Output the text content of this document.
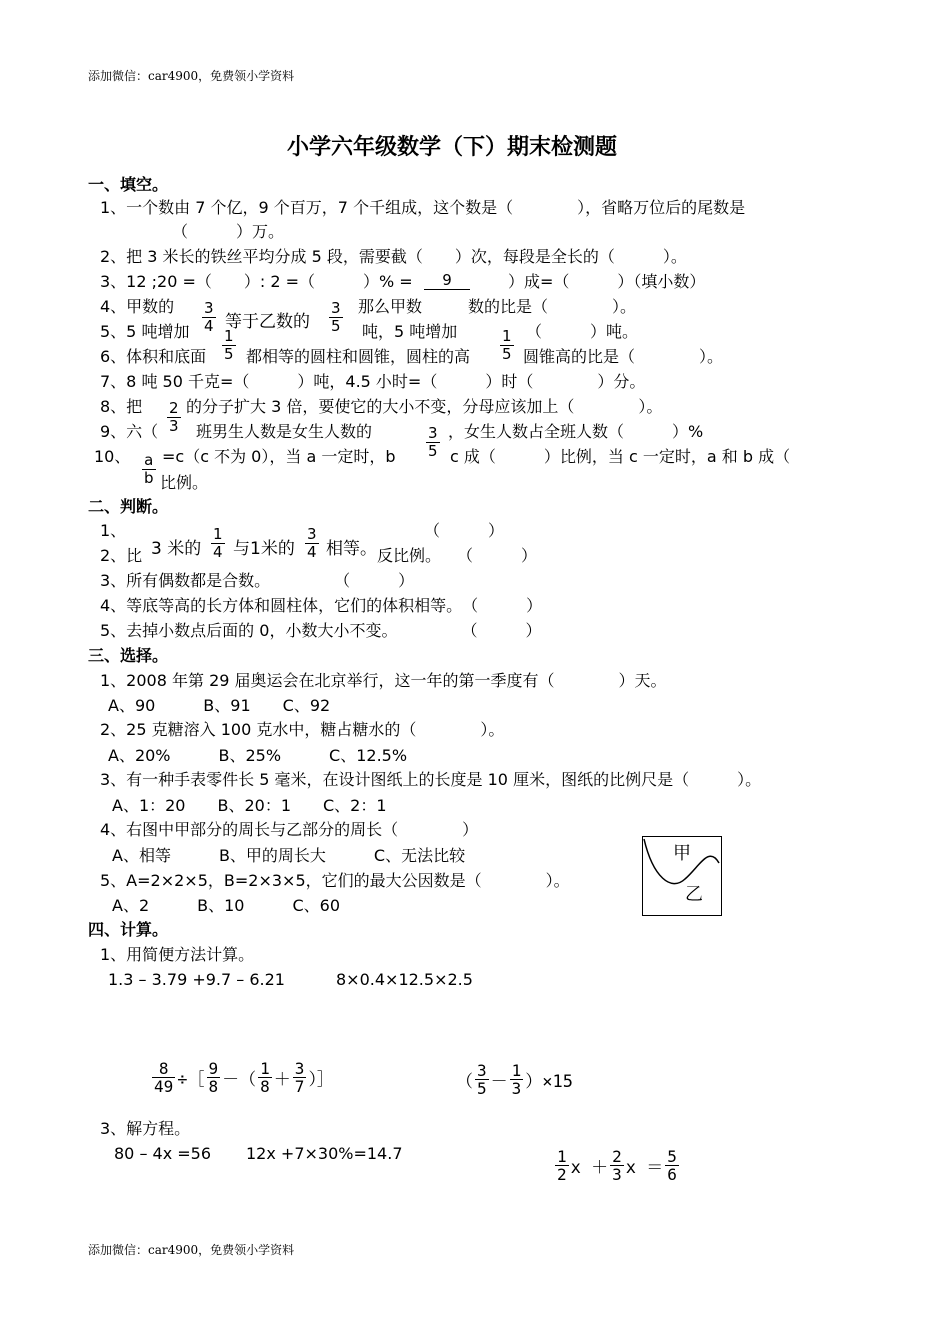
添加微信：car4900，免费领小学资料
小学六年级数学（下）期末检测题
一、填空。
1、一个数由 7 个亿，9 个百万，7 个千组成，这个数是（　　　　），省略万位后的尾数是
（　　　）万。
2、把 3 米长的铁丝平均分成 5 段，需要截（　　）次，每段是全长的（　　　）。
3、12 ;20 =（　　）: 2 =（　　　）% = 9	）成=（　　　）（填小数）
4、甲数的 3
4 等于乙数的
3
5
那么甲数	数的比是（　　　　）。
5、5 吨增加 1
5
吨，5 吨增加	1
5
（　　　）吨。
6、体积和底面 都相等的圆柱和圆锥，圆柱的高	圆锥高的比是（　　　　）。
7、8 吨 50 千克=（　　　）吨，4.5 小时=（　　　）时（　　　　）分。
8、把 2
3
的分子扩大 3 倍，要使它的大小不变，分母应该加上（　　　　）。
9、六（ 班男生人数是女生人数的	3
5
，女生人数占全班人数（　　　）%
10、 a
b
=c（c 不为 0），当 a 一定时，b	c 成（　　　）比例，当 c 一定时，a 和 b 成（
比例。
二、判断。
1、	（　　　）
2、比 3 米的
1
4 与1米的
3
4 相等。 反比例。　　（　　　）
3、所有偶数都是合数。　　　　　（　　　）
4、等底等高的长方体和圆柱体，它们的体积相等。　（　　　）
5、去掉小数点后面的 0，小数大小不变。　　　　　（　　　）
三、选择。
1、2008 年第 29 届奥运会在北京举行，这一年的第一季度有（　　　　）天。
A、90　　　B、91　　C、92
2、25 克糖溶入 100 克水中，糖占糖水的（　　　　）。
A、20%　　　B、25%　　　C、12.5%
3、有一种手表零件长 5 毫米，在设计图纸上的长度是 10 厘米，图纸的比例尺是（　　　）。
A、1：20　　B、20：1　　C、2：1
4、右图中甲部分的周长与乙部分的周长（　　　　）
A、相等　　　B、甲的周长大　　　C、无法比较
5、A=2×2×5，B=2×3×5，它们的最大公因数是（　　　　）。
A、2　　　B、10　　　C、60
甲
乙
四、计算。
1、用简便方法计算。
1.3 – 3.79 +9.7 – 6.21	8×0.4×12.5×2.5
$\frac{8}{49}$ ÷［ $\frac{9}{8}$ －（ $\frac{1}{8} + \frac{3}{7}$ ）］	（ $\frac{3}{5} - \frac{1}{3} )\times 15$
3、解方程。
80 – 4x =56 12x +7×30%=14.7	$\frac{1}{2}$ $x + \frac{2}{3}$ $x = \frac{5}{6}$
添加微信：car4900，免费领小学资料
